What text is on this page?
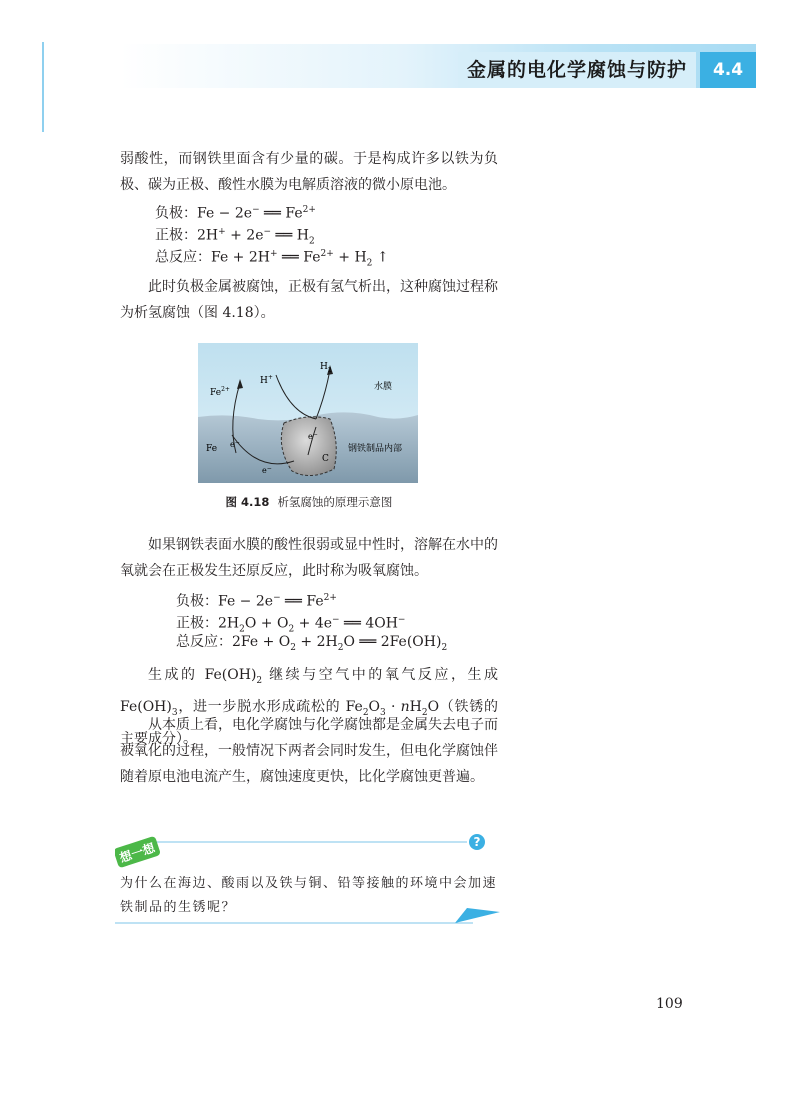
金属的电化学腐蚀与防护	4.4
弱酸性，而钢铁里面含有少量的碳。于是构成许多以铁为负极、碳为正极、酸性水膜为电解质溶液的微小原电池。
负极：Fe − 2e− ══ $Fe^{2+}$
正极：2H+ + 2e− ══ $H_2$
总反应：Fe + 2H+ ══ $Fe^{2+} + H_2$ ↑
此时负极金属被腐蚀，正极有氢气析出，这种腐蚀过程称为析氢腐蚀（图 4.18）。
$Fe^{2+}$
H+
$H_2$
水膜
Fe e−
e−
e−
C
钢铁制品内部
图 4.18 析氢腐蚀的原理示意图
如果钢铁表面水膜的酸性很弱或显中性时，溶解在水中的氧就会在正极发生还原反应，此时称为吸氧腐蚀。
负极：Fe − 2e− ══ $Fe^{2+}$
正极：$2H_2O + O_2 + 4e^-$ ══ 4OH−
总反应：$2Fe + O_2 + 2H_2O$ ══ $2Fe(OH)_2$
生成的 $Fe(OH)_2$ 继续与空气中的氧气反应，生成 $Fe(OH)_3$，进一步脱水形成疏松的 $Fe_2O_3 \cdot nH_2O$（铁锈的主要成分）。
从本质上看，电化学腐蚀与化学腐蚀都是金属失去电子而被氧化的过程，一般情况下两者会同时发生，但电化学腐蚀伴随着原电池电流产生，腐蚀速度更快，比化学腐蚀更普遍。
?
想一想
为什么在海边、酸雨以及铁与铜、铅等接触的环境中会加速铁制品的生锈呢？
109
